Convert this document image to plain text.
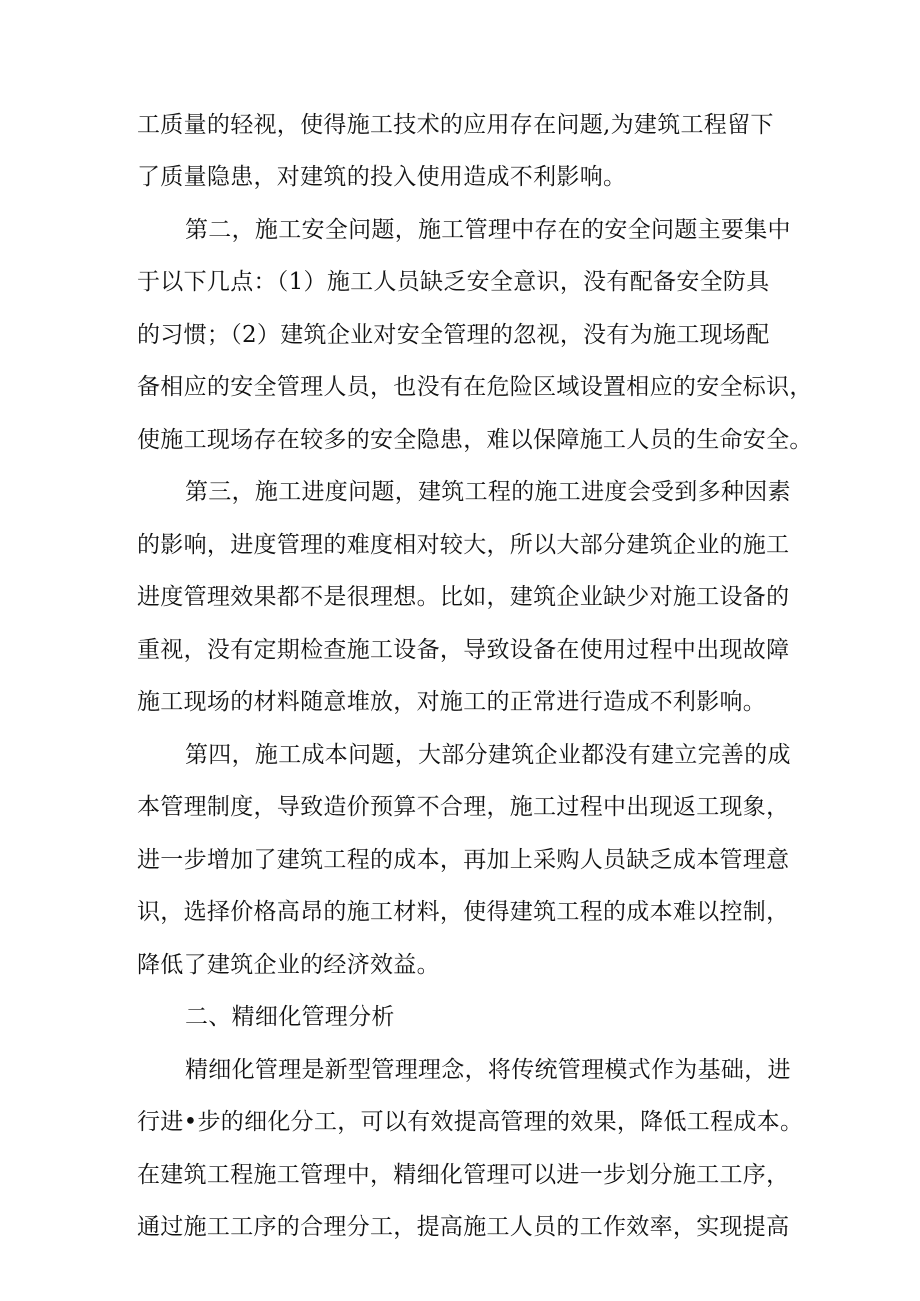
工质量的轻视，使得施工技术的应用存在问题,为建筑工程留下
了质量隐患，对建筑的投入使用造成不利影响。
第二，施工安全问题，施工管理中存在的安全问题主要集中
于以下几点：（1）施工人员缺乏安全意识，没有配备安全防具
的习惯；（2）建筑企业对安全管理的忽视，没有为施工现场配
备相应的安全管理人员，也没有在危险区域设置相应的安全标识，
使施工现场存在较多的安全隐患，难以保障施工人员的生命安全。
第三，施工进度问题，建筑工程的施工进度会受到多种因素
的影响，进度管理的难度相对较大，所以大部分建筑企业的施工
进度管理效果都不是很理想。比如，建筑企业缺少对施工设备的
重视，没有定期检查施工设备，导致设备在使用过程中出现故障
施工现场的材料随意堆放，对施工的正常进行造成不利影响。
第四，施工成本问题，大部分建筑企业都没有建立完善的成
本管理制度，导致造价预算不合理，施工过程中出现返工现象，
进一步增加了建筑工程的成本，再加上采购人员缺乏成本管理意
识，选择价格高昂的施工材料，使得建筑工程的成本难以控制，
降低了建筑企业的经济效益。
二、精细化管理分析
精细化管理是新型管理理念，将传统管理模式作为基础，进
行进•步的细化分工，可以有效提高管理的效果，降低工程成本。
在建筑工程施工管理中，精细化管理可以进一步划分施工工序，
通过施工工序的合理分工，提高施工人员的工作效率，实现提高
